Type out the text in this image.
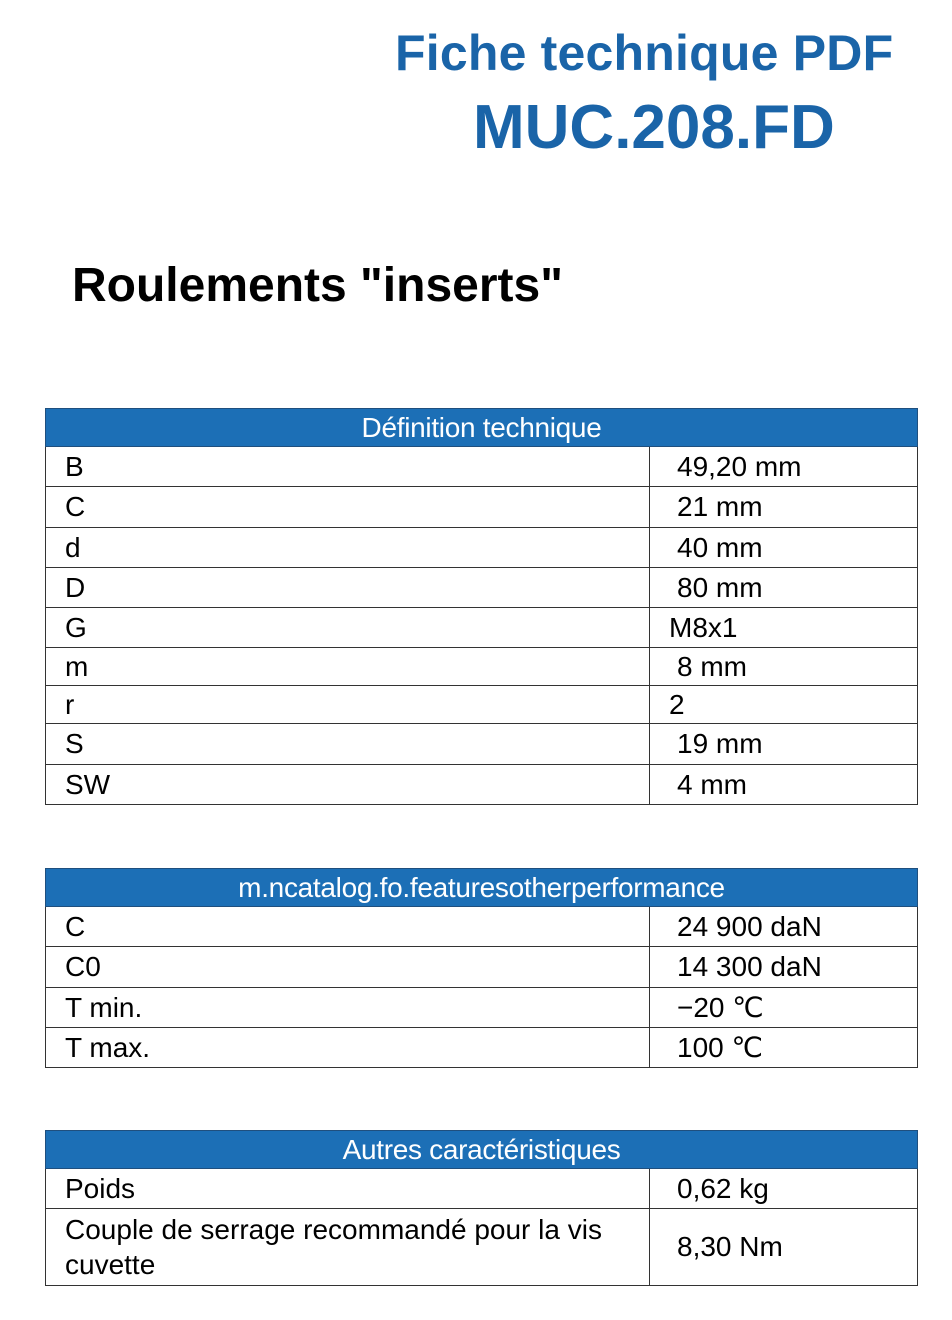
Fiche technique PDF
MUC.208.FD
Roulements "inserts"
Définition technique	
B	49,20 mm
C	21 mm
d	40 mm
D	80 mm
G	M8x1
m	8 mm
r	2
S	19 mm
SW	4 mm
m.ncatalog.fo.featuresotherperformance	
C	24 900 daN
C0	14 300 daN
T min.	−20 ℃
T max.	100 ℃
Autres caractéristiques	
Poids	0,62 kg
Couple de serrage recommandé pour la vis cuvette	8,30 Nm
